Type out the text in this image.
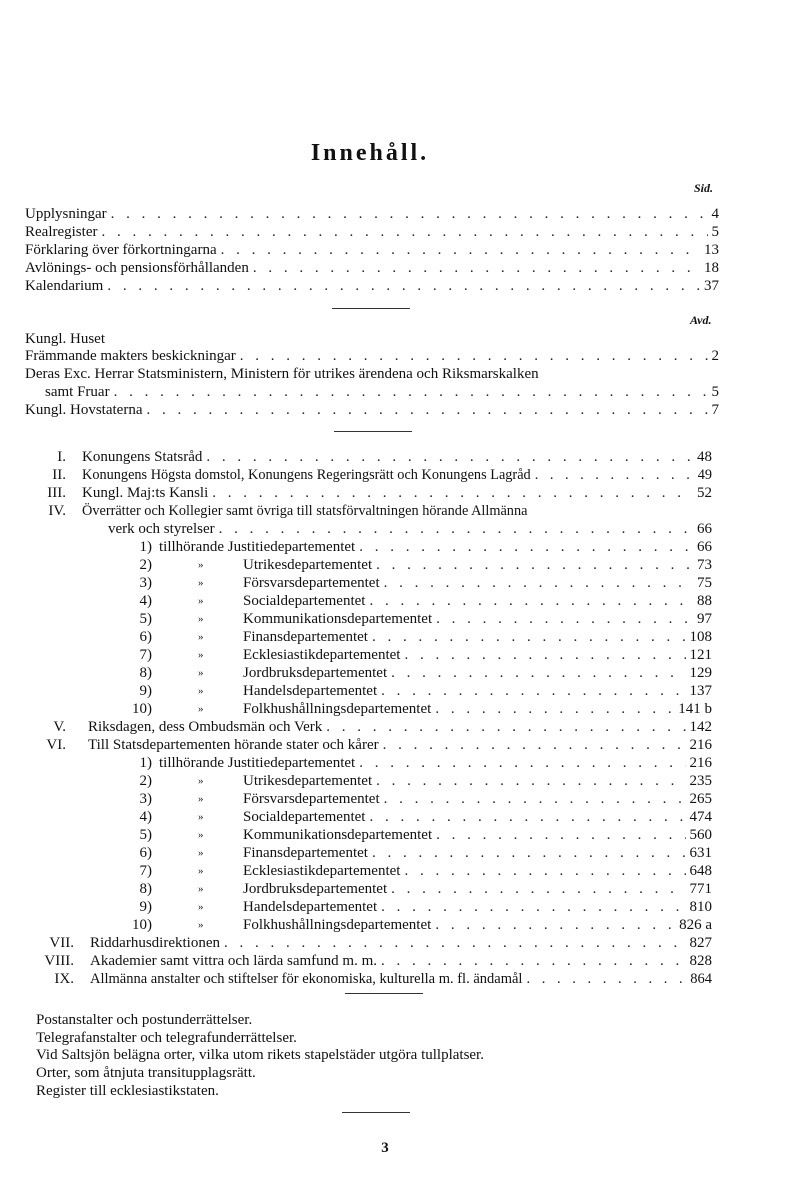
Innehåll.
Sid.
Upplysningar . . .	4
Realregister . . .	5
Förklaring över förkortningarna . . .	13
Avlönings- och pensionsförhållanden . . .	18
Kalendarium . . .	37
Avd.
Kungl. Huset
Främmande makters beskickningar . . .	2
Deras Exc. Herrar Statsministern, Ministern för utrikes ärendena och Riksmarskalken
samt Fruar . . .	5
Kungl. Hovstaterna . . .	7
I. Konungens Statsråd . . .	48
II. Konungens Högsta domstol, Konungens Regeringsrätt och Konungens Lagråd . . .	49
III. Kungl. Maj:ts Kansli . . .	52
IV. Överrätter och Kollegier samt övriga till statsförvaltningen hörande Allmänna
verk och styrelser . . .	66
1) tillhörande Justitiedepartementet . . .	66
2)	»	Utrikesdepartementet . . .	73
3)	»	Försvarsdepartementet . . .	75
4)	»	Socialdepartementet . . .	88
5)	»	Kommunikationsdepartementet . . .	97
6)	»	Finansdepartementet . . .	108
7)	»	Ecklesiastikdepartementet . . .	121
8)	»	Jordbruksdepartementet . . .	129
9)	»	Handelsdepartementet . . .	137
10)	»	Folkhushållningsdepartementet . . .	141 b
V. Riksdagen, dess Ombudsmän och Verk . . .	142
VI. Till Statsdepartementen hörande stater och kårer . . .	216
1) tillhörande Justitiedepartementet . . .	216
2)	»	Utrikesdepartementet . . .	235
3)	»	Försvarsdepartementet . . .	265
4)	»	Socialdepartementet . . .	474
5)	»	Kommunikationsdepartementet . . .	560
6)	»	Finansdepartementet . . .	631
7)	»	Ecklesiastikdepartementet . . .	648
8)	»	Jordbruksdepartementet . . .	771
9)	»	Handelsdepartementet . . .	810
10)	»	Folkhushållningsdepartementet . . .	826 a
VII. Riddarhusdirektionen . . .	827
VIII. Akademier samt vittra och lärda samfund m. m. . . .	828
IX. Allmänna anstalter och stiftelser för ekonomiska, kulturella m. fl. ändamål . . .	864
Postanstalter och postunderrättelser.
Telegrafanstalter och telegrafunderrättelser.
Vid Saltsjön belägna orter, vilka utom rikets stapelstäder utgöra tullplatser.
Orter, som åtnjuta transitupplagsrätt.
Register till ecklesiastikstaten.
3
